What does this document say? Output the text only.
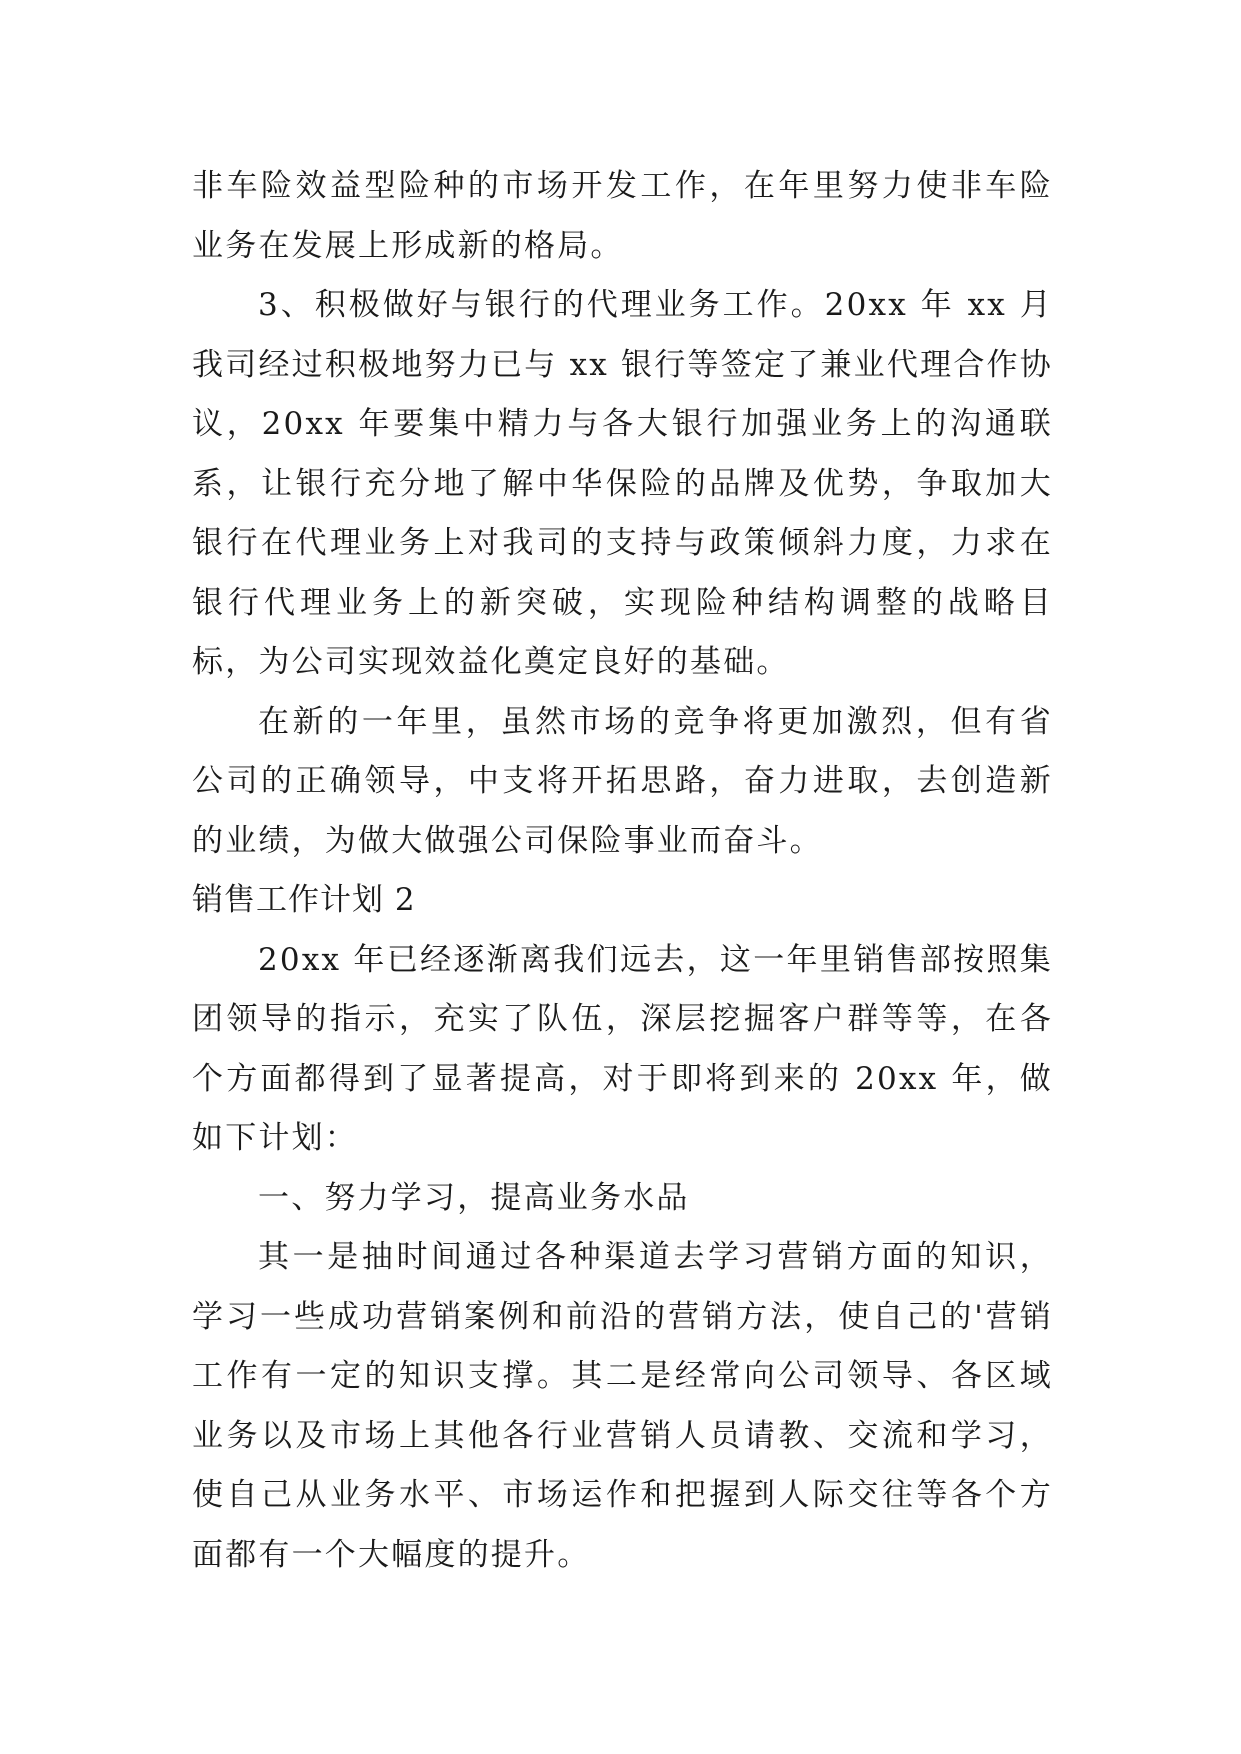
非车险效益型险种的市场开发工作，在年里努力使非车险业务在发展上形成新的格局。

3、积极做好与银行的代理业务工作。20xx 年 xx 月我司经过积极地努力已与 xx 银行等签定了兼业代理合作协议，20xx 年要集中精力与各大银行加强业务上的沟通联系，让银行充分地了解中华保险的品牌及优势，争取加大银行在代理业务上对我司的支持与政策倾斜力度，力求在银行代理业务上的新突破，实现险种结构调整的战略目标，为公司实现效益化奠定良好的基础。

在新的一年里，虽然市场的竞争将更加激烈，但有省公司的正确领导，中支将开拓思路，奋力进取，去创造新的业绩，为做大做强公司保险事业而奋斗。

销售工作计划 2

20xx 年已经逐渐离我们远去，这一年里销售部按照集团领导的指示，充实了队伍，深层挖掘客户群等等，在各个方面都得到了显著提高，对于即将到来的 20xx 年，做如下计划：

一、努力学习，提高业务水品

其一是抽时间通过各种渠道去学习营销方面的知识，学习一些成功营销案例和前沿的营销方法，使自己的'营销工作有一定的知识支撑。其二是经常向公司领导、各区域业务以及市场上其他各行业营销人员请教、交流和学习，使自己从业务水平、市场运作和把握到人际交往等各个方面都有一个大幅度的提升。
